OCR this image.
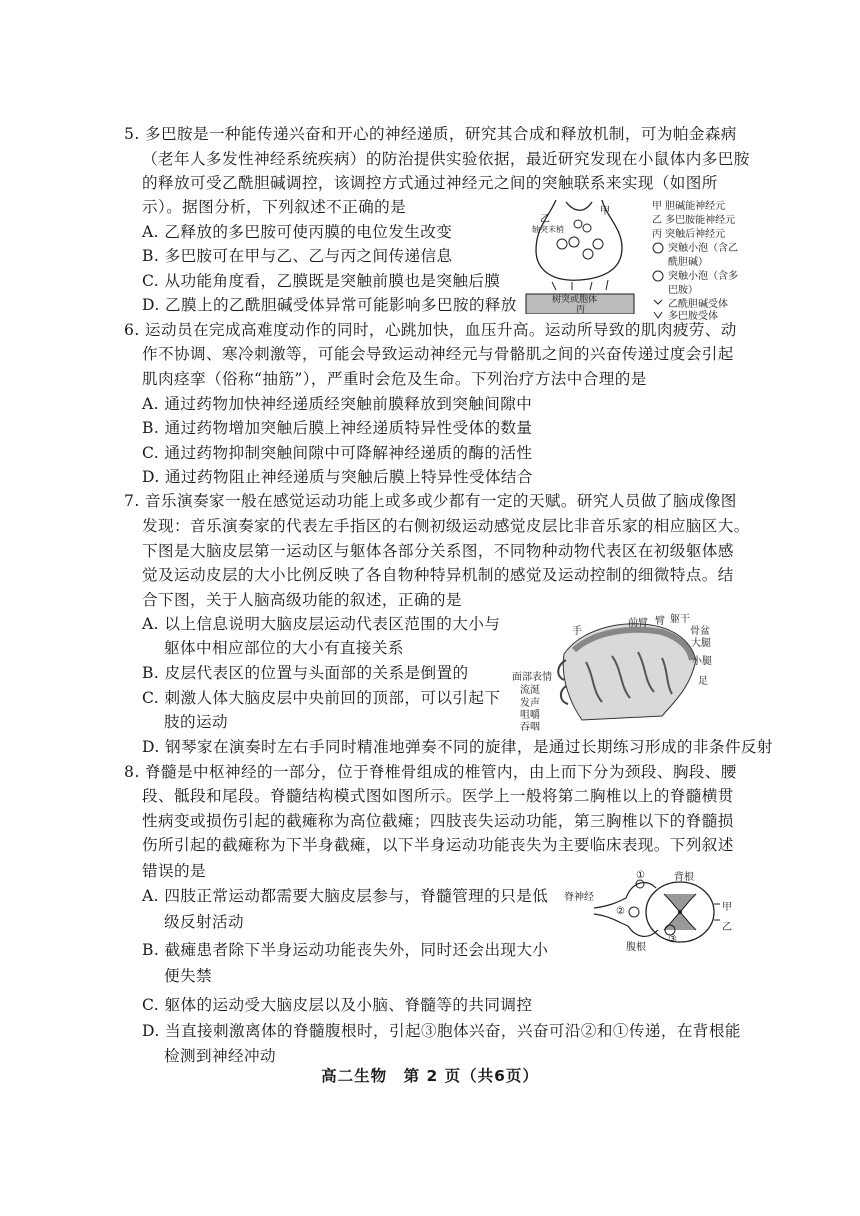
5. 多巴胺是一种能传递兴奋和开心的神经递质，研究其合成和释放机制，可为帕金森病
（老年人多发性神经系统疾病）的防治提供实验依据，最近研究发现在小鼠体内多巴胺
的释放可受乙酰胆碱调控，该调控方式通过神经元之间的突触联系来实现（如图所
示）。据图分析，下列叙述不正确的是
A. 乙释放的多巴胺可使丙膜的电位发生改变
B. 多巴胺可在甲与乙、乙与丙之间传递信息
C. 从功能角度看，乙膜既是突触前膜也是突触后膜
D. 乙膜上的乙酰胆碱受体异常可能影响多巴胺的释放
乙
甲
轴突末梢
树突或胞体
丙
甲 胆碱能神经元
乙 多巴胺能神经元
丙 突触后神经元
突触小泡（含乙
酰胆碱）
突触小泡（含多
巴胺）
乙酰胆碱受体
多巴胺受体
6. 运动员在完成高难度动作的同时，心跳加快，血压升高。运动所导致的肌肉疲劳、动
作不协调、寒冷刺激等，可能会导致运动神经元与骨骼肌之间的兴奋传递过度会引起
肌肉痉挛（俗称“抽筋”），严重时会危及生命。下列治疗方法中合理的是
A. 通过药物加快神经递质经突触前膜释放到突触间隙中
B. 通过药物增加突触后膜上神经递质特异性受体的数量
C. 通过药物抑制突触间隙中可降解神经递质的酶的活性
D. 通过药物阻止神经递质与突触后膜上特异性受体结合
7. 音乐演奏家一般在感觉运动功能上或多或少都有一定的天赋。研究人员做了脑成像图
发现：音乐演奏家的代表左手指区的右侧初级运动感觉皮层比非音乐家的相应脑区大。
下图是大脑皮层第一运动区与躯体各部分关系图，不同物种动物代表区在初级躯体感
觉及运动皮层的大小比例反映了各自物种特异机制的感觉及运动控制的细微特点。结
合下图，关于人脑高级功能的叙述，正确的是
A. 以上信息说明大脑皮层运动代表区范围的大小与
躯体中相应部位的大小有直接关系
B. 皮层代表区的位置与头面部的关系是倒置的
C. 刺激人体大脑皮层中央前回的顶部，可以引起下
肢的运动
D. 钢琴家在演奏时左右手同时精准地弹奏不同的旋律，是通过长期练习形成的非条件反射
手
前臂 臂 躯干
骨盆
大腿
小腿
足
面部表情
流涎
发声
咀嚼
吞咽
8. 脊髓是中枢神经的一部分，位于脊椎骨组成的椎管内，由上而下分为颈段、胸段、腰
段、骶段和尾段。脊髓结构模式图如图所示。医学上一般将第二胸椎以上的脊髓横贯
性病变或损伤引起的截瘫称为高位截瘫；四肢丧失运动功能，第三胸椎以下的脊髓损
伤所引起的截瘫称为下半身截瘫，以下半身运动功能丧失为主要临床表现。下列叙述
错误的是
A. 四肢正常运动都需要大脑皮层参与，脊髓管理的只是低
级反射活动
B. 截瘫患者除下半身运动功能丧失外，同时还会出现大小
便失禁
C. 躯体的运动受大脑皮层以及小脑、脊髓等的共同调控
D. 当直接刺激离体的脊髓腹根时，引起③胞体兴奋，兴奋可沿②和①传递，在背根能
检测到神经冲动
脊神经
①	背根
②	甲
乙
腹根
③
高二生物　第 2 页（共6页）
